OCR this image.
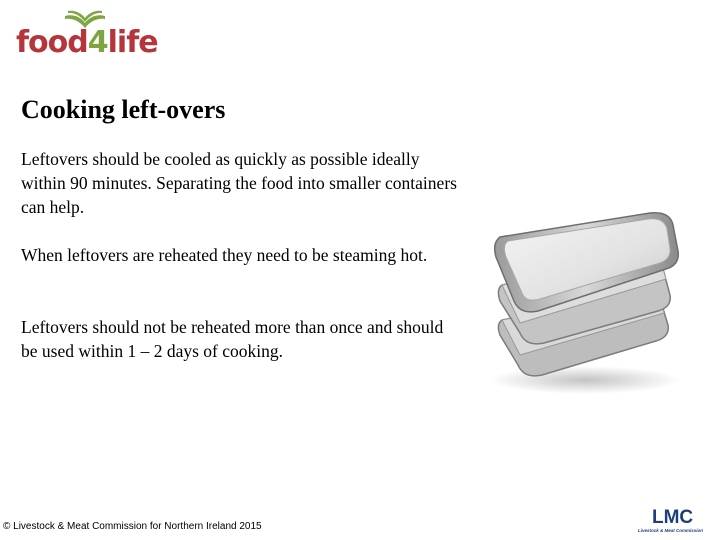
food4life
Cooking left-overs

Leftovers should be cooled as quickly as possible ideally within 90 minutes. Separating the food into smaller containers can help.

When leftovers are reheated they need to be steaming hot.

Leftovers should not be reheated more than once and should be used within 1 – 2 days of cooking.

© Livestock & Meat Commission for Northern Ireland 2015	LMC
Livestock & Meat Commission
